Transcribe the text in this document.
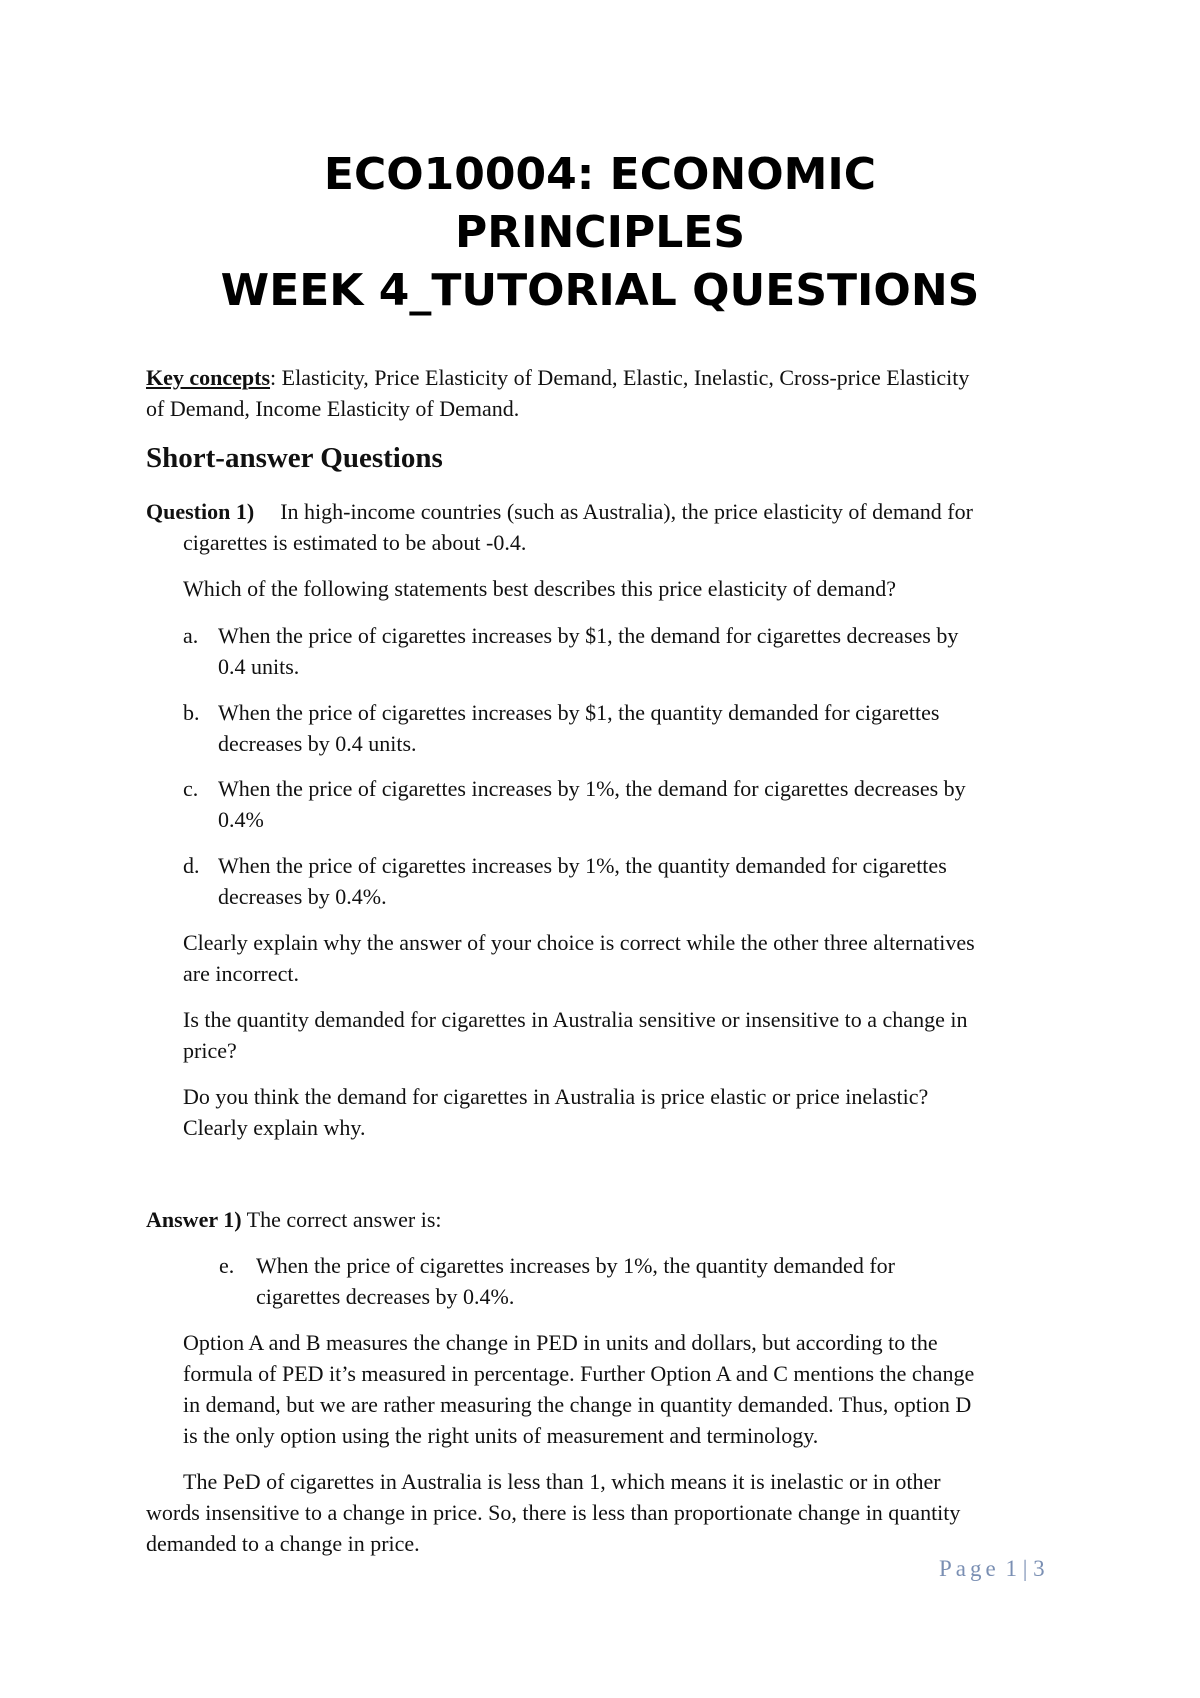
ECO10004: ECONOMIC
PRINCIPLES
WEEK 4_TUTORIAL QUESTIONS
Key concepts: Elasticity, Price Elasticity of Demand, Elastic, Inelastic, Cross-price Elasticity
of Demand, Income Elasticity of Demand.
Short-answer Questions
Question 1) In high-income countries (such as Australia), the price elasticity of demand for
cigarettes is estimated to be about -0.4.
Which of the following statements best describes this price elasticity of demand?
a. When the price of cigarettes increases by $1, the demand for cigarettes decreases by
0.4 units.
b. When the price of cigarettes increases by $1, the quantity demanded for cigarettes
decreases by 0.4 units.
c. When the price of cigarettes increases by 1%, the demand for cigarettes decreases by
0.4%
d. When the price of cigarettes increases by 1%, the quantity demanded for cigarettes
decreases by 0.4%.
Clearly explain why the answer of your choice is correct while the other three alternatives
are incorrect.
Is the quantity demanded for cigarettes in Australia sensitive or insensitive to a change in
price?
Do you think the demand for cigarettes in Australia is price elastic or price inelastic?
Clearly explain why.
Answer 1) The correct answer is:
e. When the price of cigarettes increases by 1%, the quantity demanded for
cigarettes decreases by 0.4%.
Option A and B measures the change in PED in units and dollars, but according to the
formula of PED it’s measured in percentage. Further Option A and C mentions the change
in demand, but we are rather measuring the change in quantity demanded. Thus, option D
is the only option using the right units of measurement and terminology.
The PeD of cigarettes in Australia is less than 1, which means it is inelastic or in other
words insensitive to a change in price. So, there is less than proportionate change in quantity
demanded to a change in price.
Page 1 | 3
